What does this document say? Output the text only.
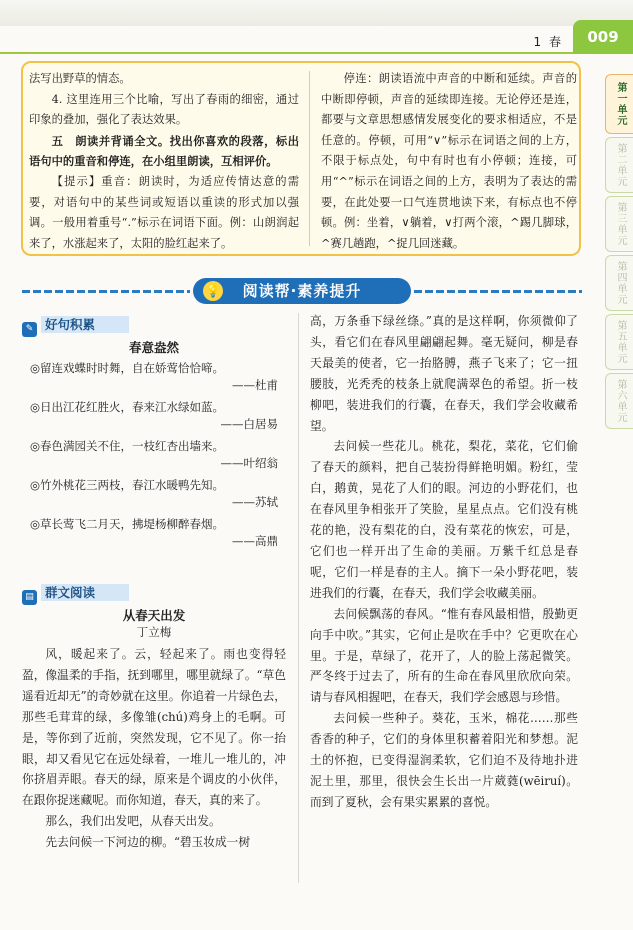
1 春	009
第一单元
第二单元
第三单元
第四单元
第五单元
第六单元

法写出野草的情态。

4. 这里连用三个比喻，写出了春雨的细密，通过印象的叠加，强化了表达效果。

五　朗读并背诵全文。找出你喜欢的段落，标出语句中的重音和停连，在小组里朗读，互相评价。

【提示】重音：朗读时，为适应传情达意的需要，对语句中的某些词或短语以重读的形式加以强调。一般用着重号“.”标示在词语下面。例：山朗润起来了，水涨起来了，太阳的脸红起来了。

停连：朗读语流中声音的中断和延续。声音的中断即停顿，声音的延续即连接。无论停还是连，都要与文章思想感情发展变化的要求相适应，不是任意的。停顿，可用“∨”标示在词语之间的上方，不限于标点处，句中有时也有小停顿；连接，可用“^”标示在词语之间的上方，表明为了表达的需要，在此处要一口气连贯地读下来，有标点也不停顿。例：坐着，∨躺着，∨打两个滚，^踢几脚球，^赛几趟跑，^捉几回迷藏。

阅读帮·素养提升
💡
✎ 好句积累
春意盎然
◎留连戏蝶时时舞，自在娇莺恰恰啼。
——杜甫
◎日出江花红胜火，春来江水绿如蓝。
——白居易
◎春色满园关不住，一枝红杏出墙来。
——叶绍翁
◎竹外桃花三两枝，春江水暖鸭先知。
——苏轼
◎草长莺飞二月天，拂堤杨柳醉春烟。
——高鼎
▤ 群文阅读
从春天出发
丁立梅

风，暖起来了。云，轻起来了。雨也变得轻盈，像温柔的手指，抚到哪里，哪里就绿了。“草色遥看近却无”的奇妙就在这里。你追着一片绿色去，那些毛茸茸的绿，多像雏(chú)鸡身上的毛啊。可是，等你到了近前，突然发现，它不见了。你一抬眼，却又看见它在远处绿着，一堆儿一堆儿的，冲你挤眉弄眼。春天的绿，原来是个调皮的小伙伴，在跟你捉迷藏呢。而你知道，春天，真的来了。

那么，我们出发吧，从春天出发。

先去问候一下河边的柳。“碧玉妆成一树

高，万条垂下绿丝绦。”真的是这样啊，你须微仰了头，看它们在春风里翩翩起舞。毫无疑问，柳是春天最美的使者，它一抬胳膊，燕子飞来了；它一扭腰肢，光秃秃的枝条上就爬满翠色的希望。折一枝柳吧，装进我们的行囊，在春天，我们学会收藏希望。

去问候一些花儿。桃花，梨花，菜花，它们偷了春天的颜料，把自己装扮得鲜艳明媚。粉红，莹白，鹅黄，晃花了人们的眼。河边的小野花们，也在春风里争相张开了笑脸，星星点点。它们没有桃花的艳，没有梨花的白，没有菜花的恢宏，可是，它们也一样开出了生命的美丽。万紫千红总是春呢，它们一样是春的主人。摘下一朵小野花吧，装进我们的行囊，在春天，我们学会收藏美丽。

去问候飘荡的春风。“惟有春风最相惜，殷勤更向手中吹。”其实，它何止是吹在手中？它更吹在心里。于是，草绿了，花开了，人的脸上荡起微笑。严冬终于过去了，所有的生命在春风里欣欣向荣。请与春风相握吧，在春天，我们学会感恩与珍惜。

去问候一些种子。葵花，玉米，棉花……那些香香的种子，它们的身体里积蓄着阳光和梦想。泥土的怀抱，已变得湿润柔软，它们迫不及待地扑进泥土里，那里，很快会生长出一片葳蕤(wēiruí)。而到了夏秋，会有果实累累的喜悦。
